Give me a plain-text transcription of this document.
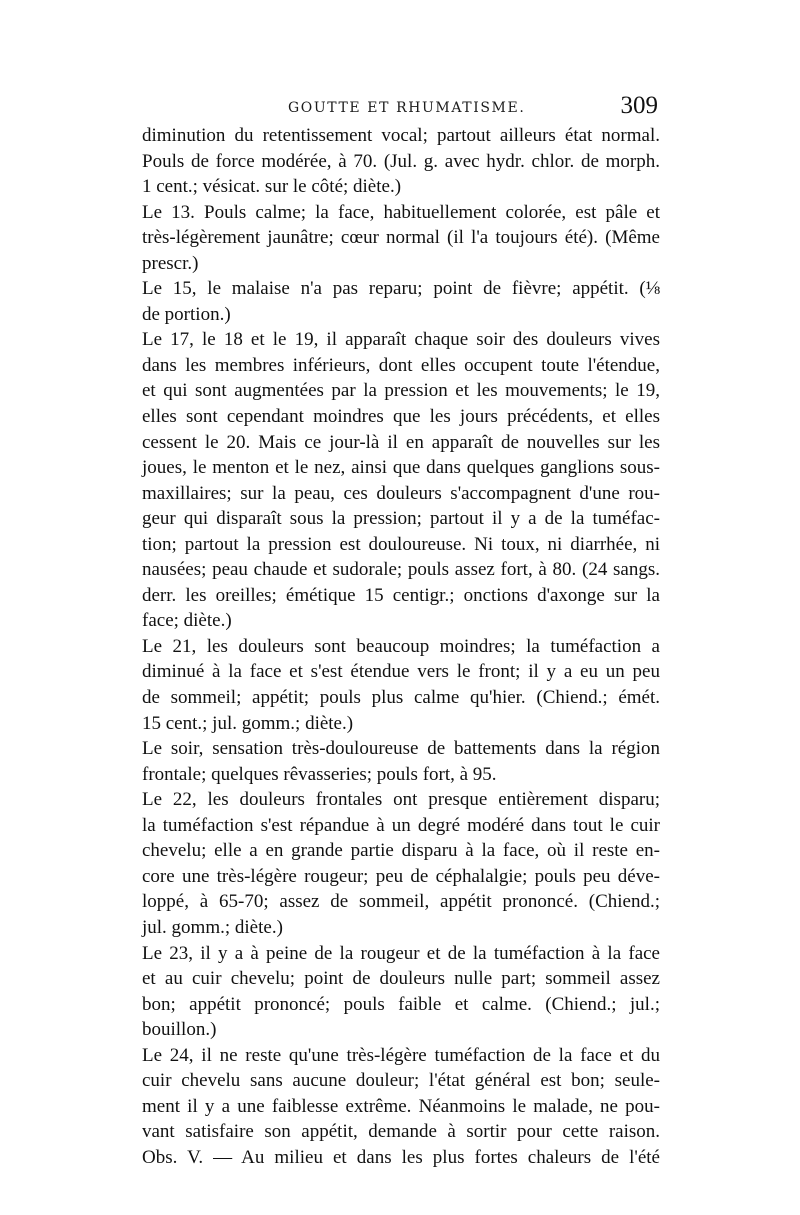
GOUTTE ET RHUMATISME.	309
diminution du retentissement vocal; partout ailleurs état normal.
Pouls de force modérée, à 70. (Jul. g. avec hydr. chlor. de morph.
1 cent.; vésicat. sur le côté; diète.)
Le 13. Pouls calme; la face, habituellement colorée, est pâle et
très-légèrement jaunâtre; cœur normal (il l'a toujours été). (Même
prescr.)
Le 15, le malaise n'a pas reparu; point de fièvre; appétit. (⅛
de portion.)
Le 17, le 18 et le 19, il apparaît chaque soir des douleurs vives
dans les membres inférieurs, dont elles occupent toute l'étendue,
et qui sont augmentées par la pression et les mouvements; le 19,
elles sont cependant moindres que les jours précédents, et elles
cessent le 20. Mais ce jour-là il en apparaît de nouvelles sur les
joues, le menton et le nez, ainsi que dans quelques ganglions sous-
maxillaires; sur la peau, ces douleurs s'accompagnent d'une rou-
geur qui disparaît sous la pression; partout il y a de la tuméfac-
tion; partout la pression est douloureuse. Ni toux, ni diarrhée, ni
nausées; peau chaude et sudorale; pouls assez fort, à 80. (24 sangs.
derr. les oreilles; émétique 15 centigr.; onctions d'axonge sur la
face; diète.)
Le 21, les douleurs sont beaucoup moindres; la tuméfaction a
diminué à la face et s'est étendue vers le front; il y a eu un peu
de sommeil; appétit; pouls plus calme qu'hier. (Chiend.; émét.
15 cent.; jul. gomm.; diète.)
Le soir, sensation très-douloureuse de battements dans la région
frontale; quelques rêvasseries; pouls fort, à 95.
Le 22, les douleurs frontales ont presque entièrement disparu;
la tuméfaction s'est répandue à un degré modéré dans tout le cuir
chevelu; elle a en grande partie disparu à la face, où il reste en-
core une très-légère rougeur; peu de céphalalgie; pouls peu déve-
loppé, à 65-70; assez de sommeil, appétit prononcé. (Chiend.;
jul. gomm.; diète.)
Le 23, il y a à peine de la rougeur et de la tuméfaction à la face
et au cuir chevelu; point de douleurs nulle part; sommeil assez
bon; appétit prononcé; pouls faible et calme. (Chiend.; jul.;
bouillon.)
Le 24, il ne reste qu'une très-légère tuméfaction de la face et du
cuir chevelu sans aucune douleur; l'état général est bon; seule-
ment il y a une faiblesse extrême. Néanmoins le malade, ne pou-
vant satisfaire son appétit, demande à sortir pour cette raison.
Obs. V. — Au milieu et dans les plus fortes chaleurs de l'été
